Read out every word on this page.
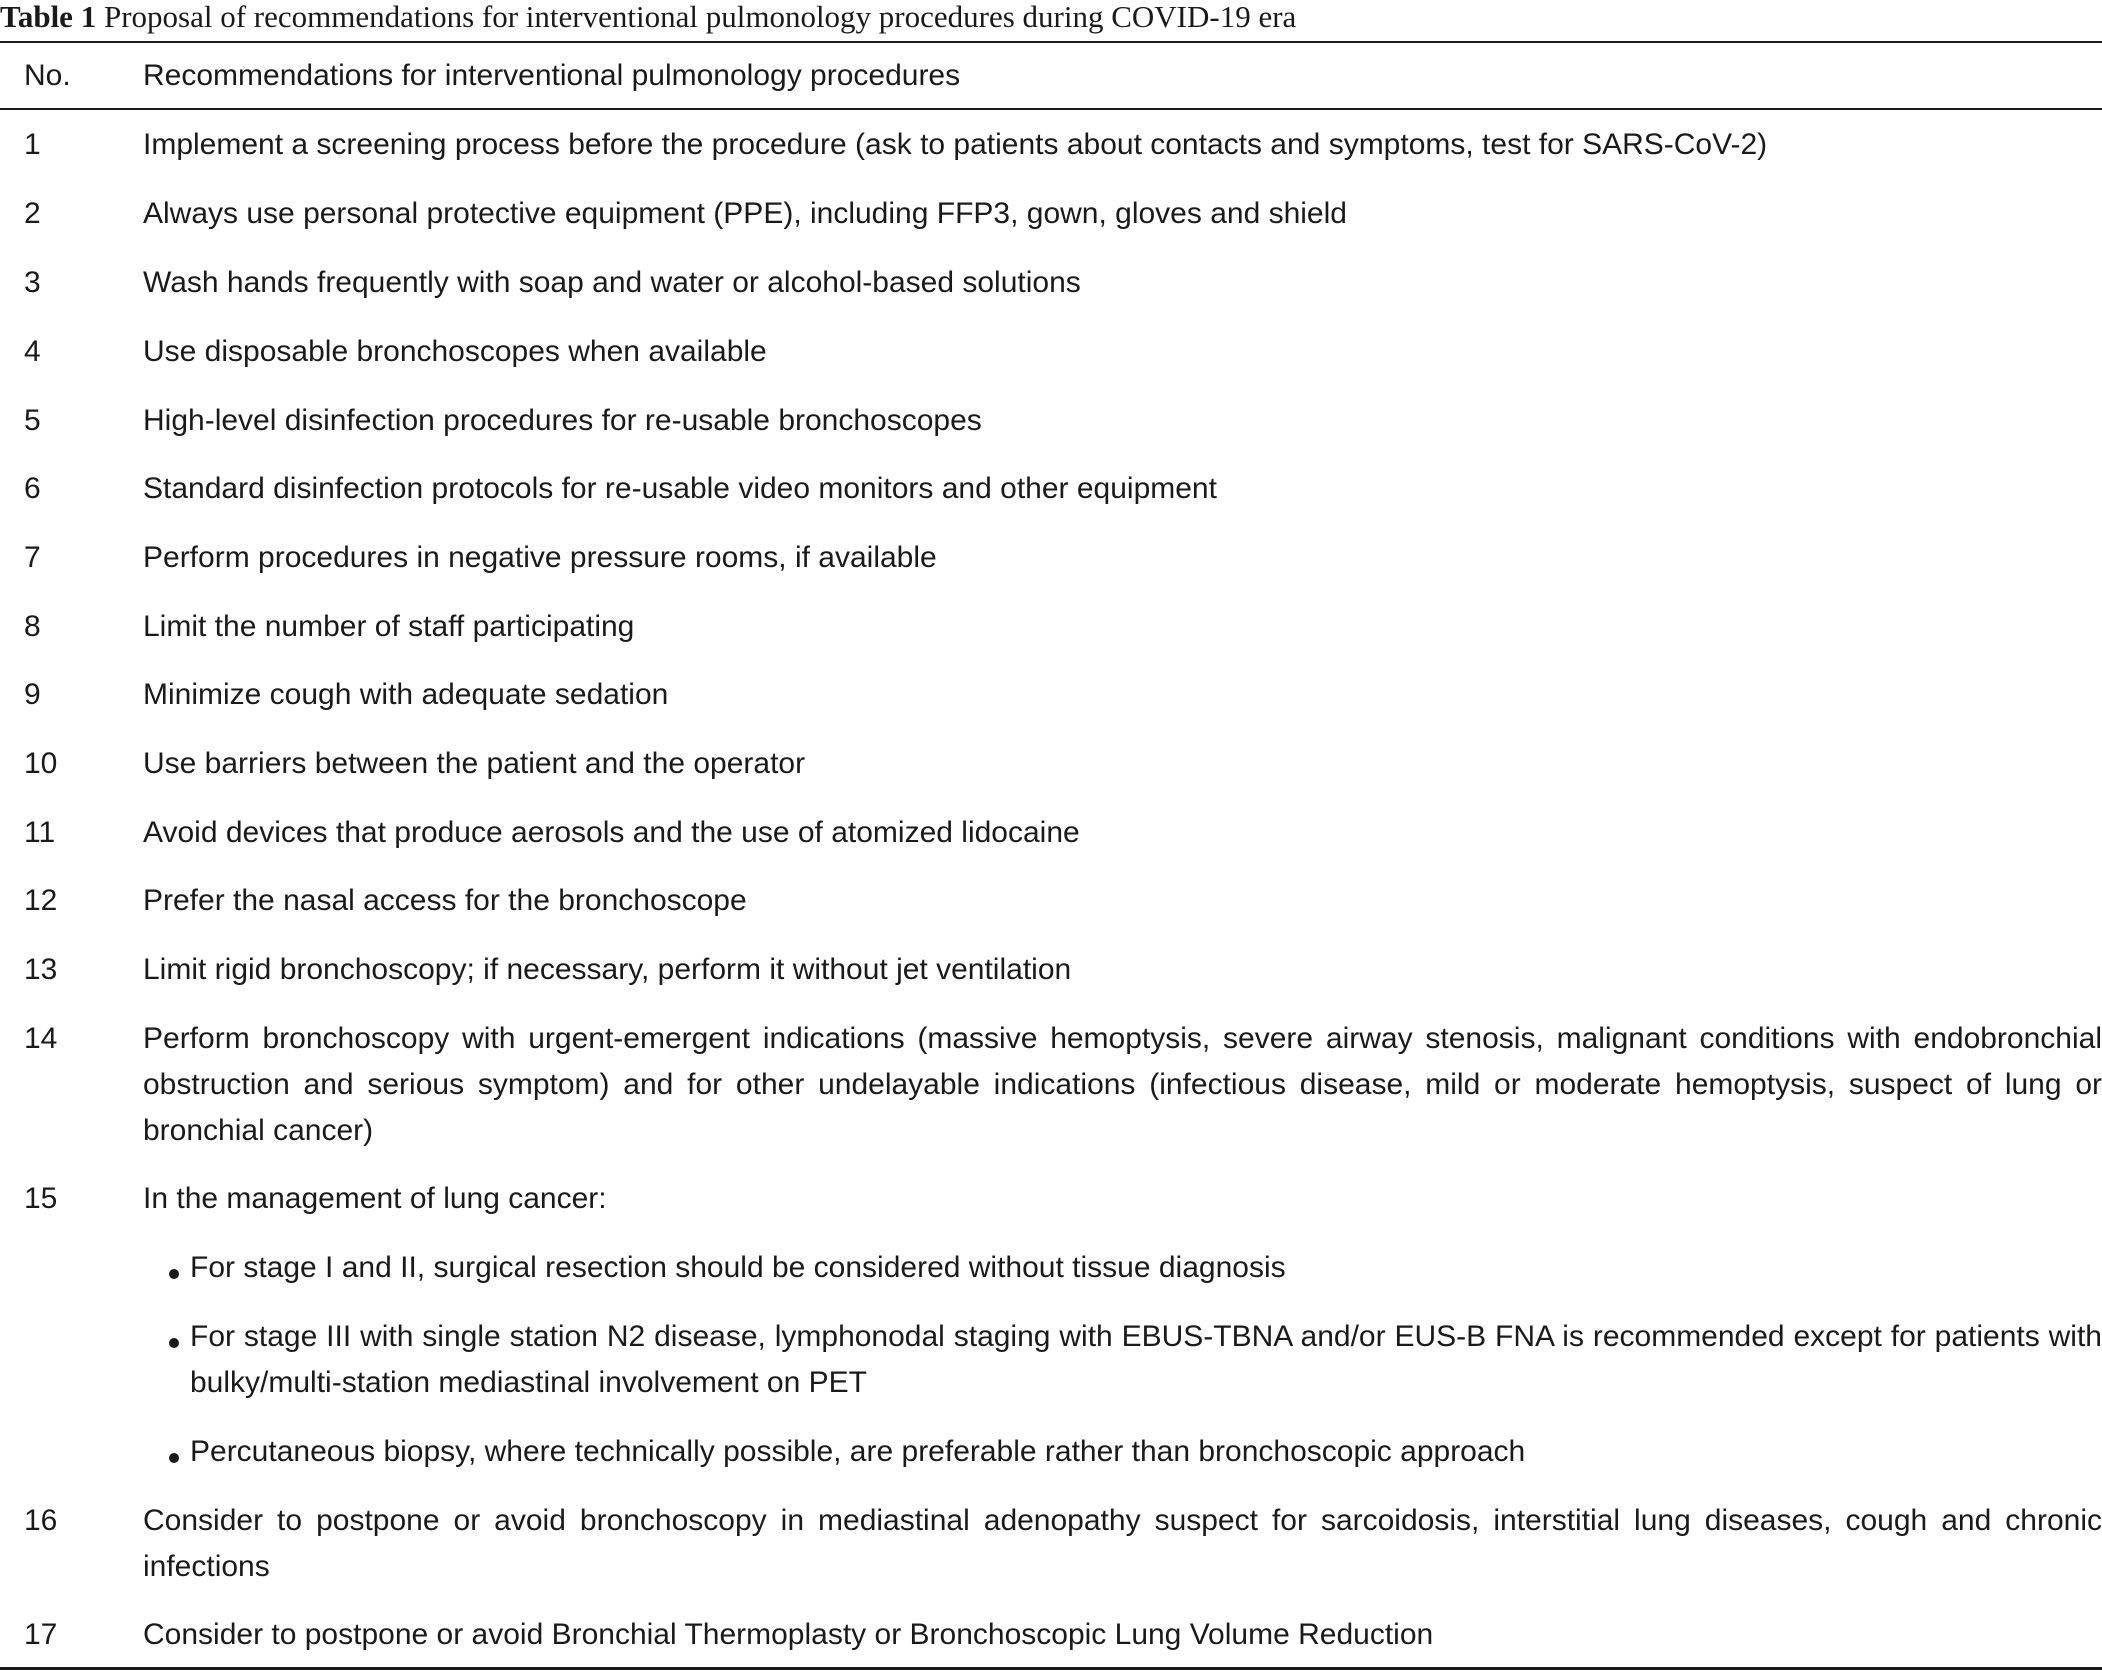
Table 1 Proposal of recommendations for interventional pulmonology procedures during COVID-19 era
No.	Recommendations for interventional pulmonology procedures
1	Implement a screening process before the procedure (ask to patients about contacts and symptoms, test for SARS-CoV-2)
2	Always use personal protective equipment (PPE), including FFP3, gown, gloves and shield
3	Wash hands frequently with soap and water or alcohol-based solutions
4	Use disposable bronchoscopes when available
5	High-level disinfection procedures for re-usable bronchoscopes
6	Standard disinfection protocols for re-usable video monitors and other equipment
7	Perform procedures in negative pressure rooms, if available
8	Limit the number of staff participating
9	Minimize cough with adequate sedation
10	Use barriers between the patient and the operator
11	Avoid devices that produce aerosols and the use of atomized lidocaine
12	Prefer the nasal access for the bronchoscope
13	Limit rigid bronchoscopy; if necessary, perform it without jet ventilation
14	Perform bronchoscopy with urgent-emergent indications (massive hemoptysis, severe airway stenosis, malignant conditions with endobronchial obstruction and serious symptom) and for other undelayable indications (infectious disease, mild or moderate hemoptysis, suspect of lung or bronchial cancer)
15	In the management of lung cancer:
For stage I and II, surgical resection should be considered without tissue diagnosis
For stage III with single station N2 disease, lymphonodal staging with EBUS-TBNA and/or EUS-B FNA is recommended except for patients with bulky/multi-station mediastinal involvement on PET
Percutaneous biopsy, where technically possible, are preferable rather than bronchoscopic approach
16	Consider to postpone or avoid bronchoscopy in mediastinal adenopathy suspect for sarcoidosis, interstitial lung diseases, cough and chronic infections
17	Consider to postpone or avoid Bronchial Thermoplasty or Bronchoscopic Lung Volume Reduction
